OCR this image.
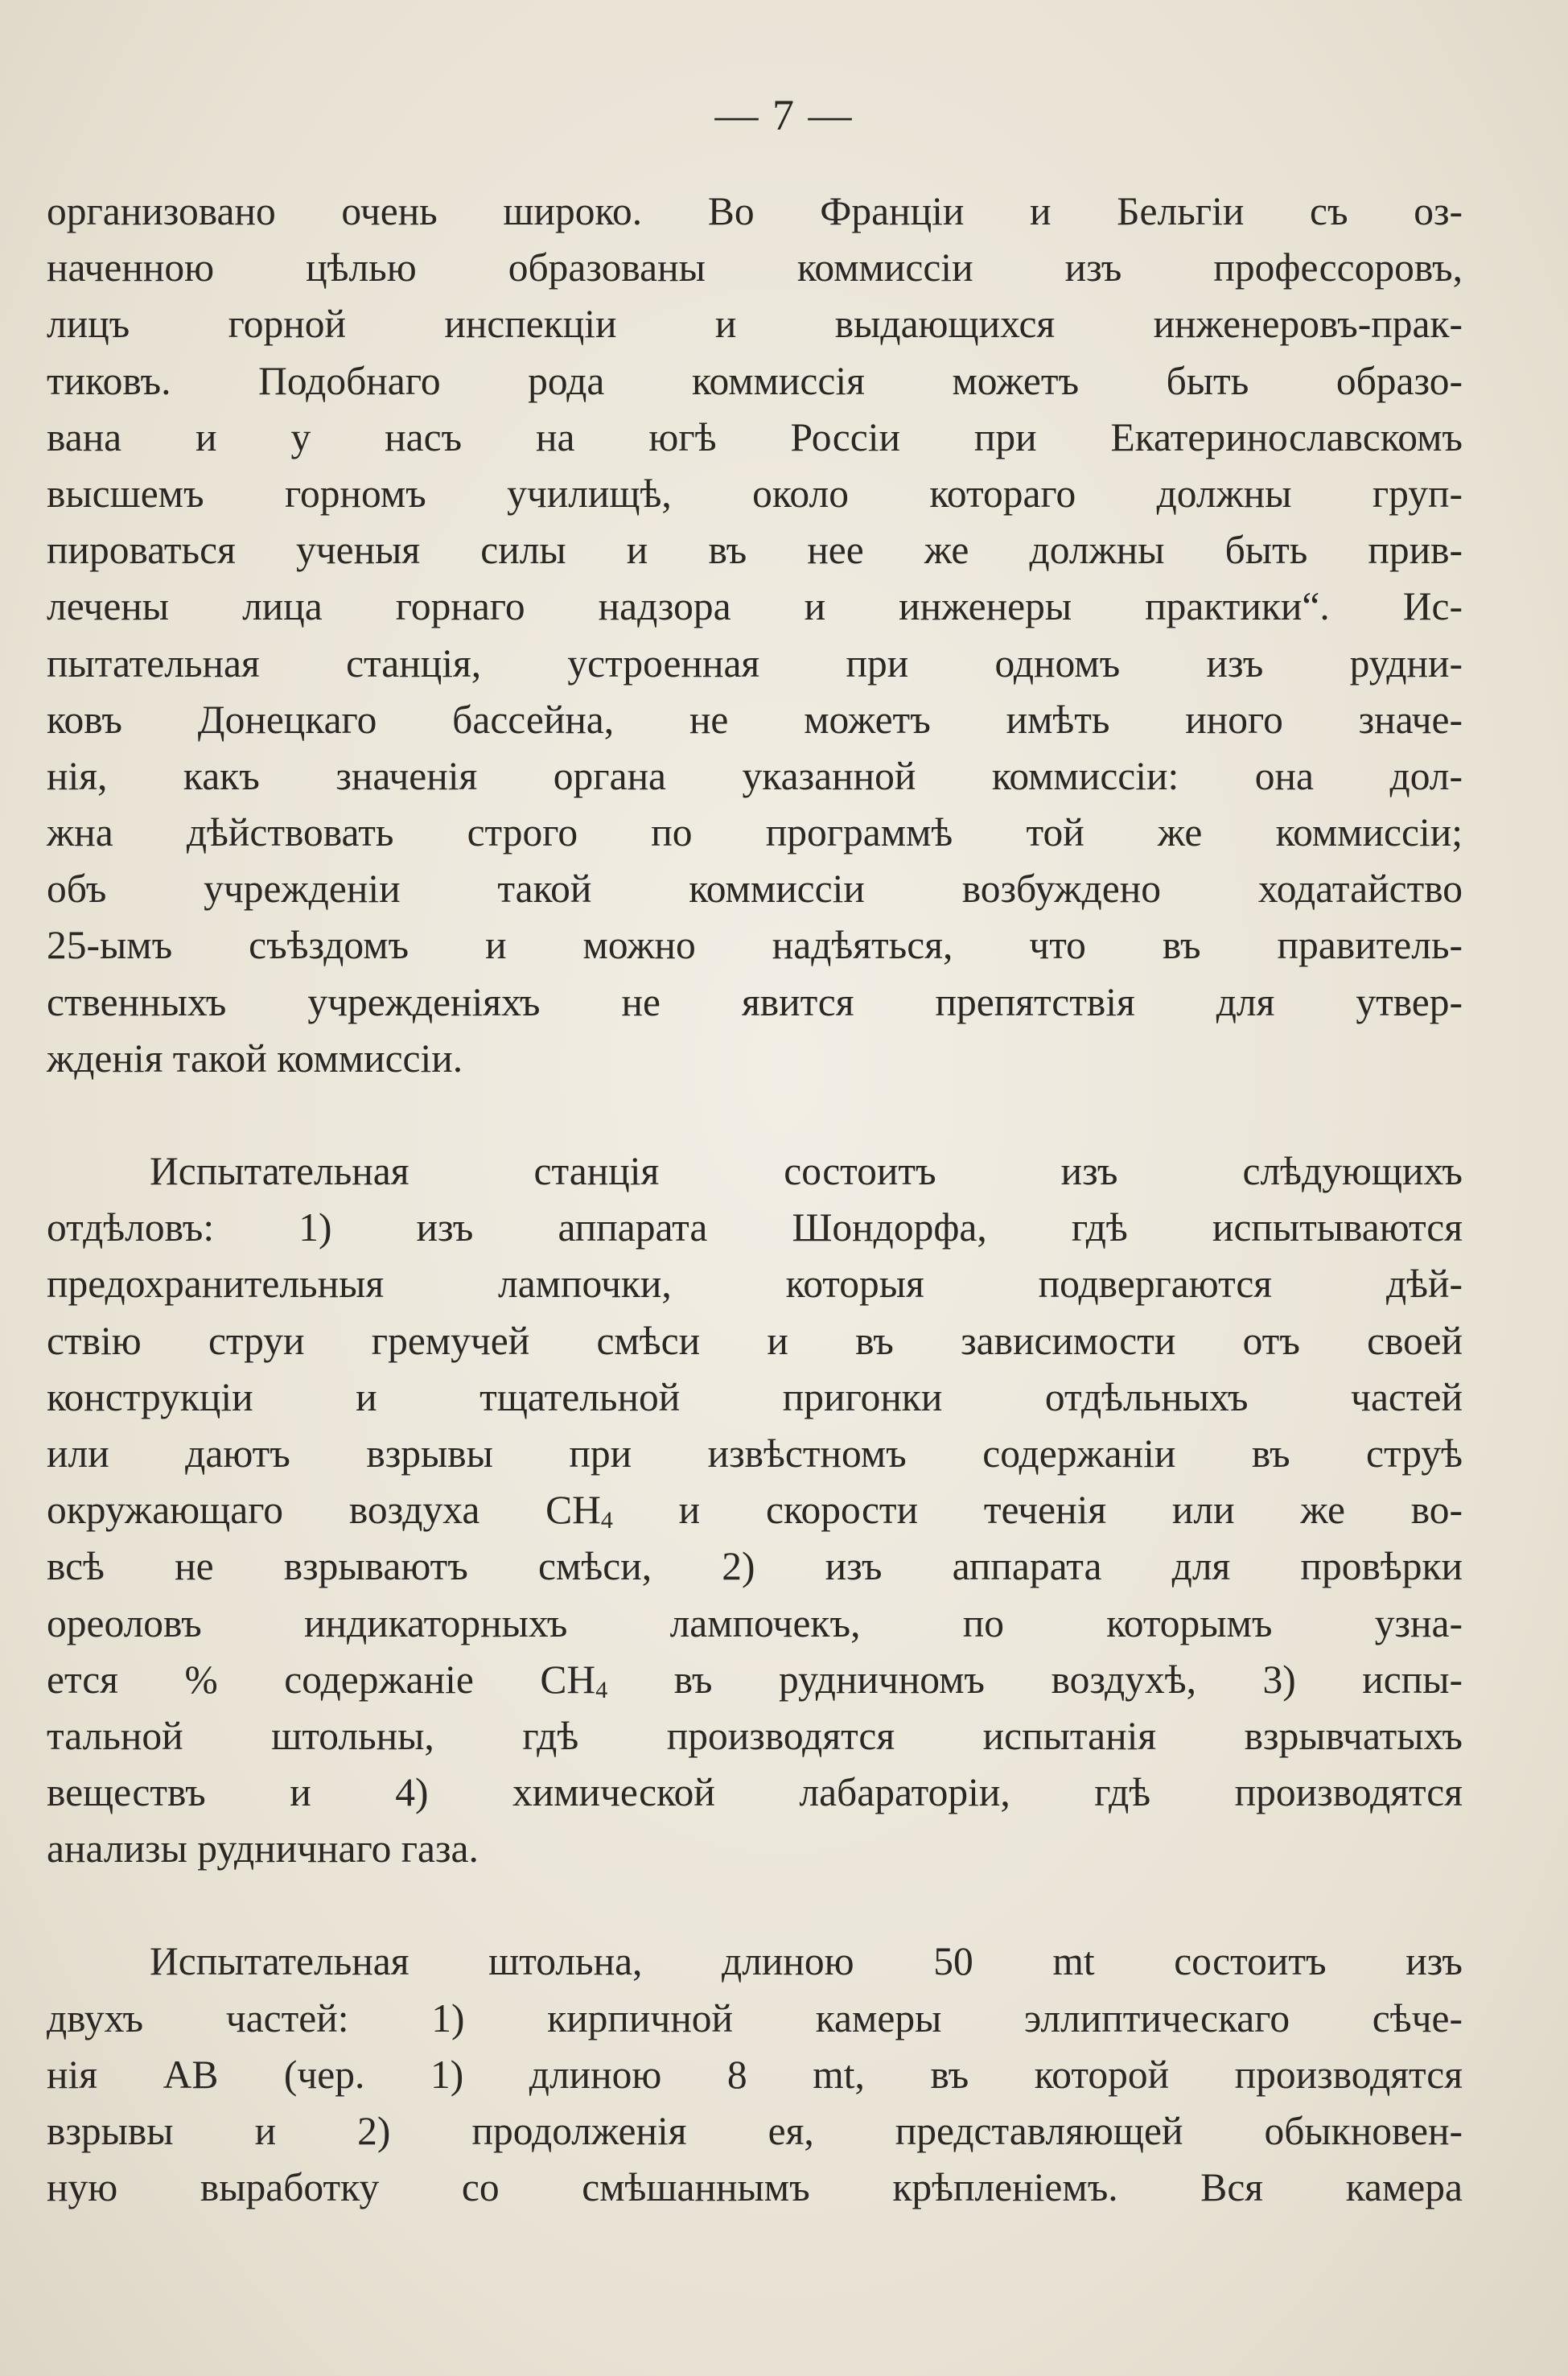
— 7 —
организовано очень широко. Во Франціи и Бельгіи съ оз-
наченною цѣлью образованы коммиссіи изъ профессоровъ,
лицъ горной инспекціи и выдающихся инженеровъ-прак-
тиковъ. Подобнаго рода коммиссія можетъ быть образо-
вана и у насъ на югѣ Россіи при Екатеринославскомъ
высшемъ горномъ училищѣ, около котораго должны груп-
пироваться ученыя силы и въ нее же должны быть прив-
лечены лица горнаго надзора и инженеры практики“. Ис-
пытательная станція, устроенная при одномъ изъ рудни-
ковъ Донецкаго бассейна, не можетъ имѣть иного значе-
нія, какъ значенія органа указанной коммиссіи: она дол-
жна дѣйствовать строго по программѣ той же коммиссіи;
объ учрежденіи такой коммиссіи возбуждено ходатайство
25-ымъ съѣздомъ и можно надѣяться, что въ правитель-
ственныхъ учрежденіяхъ не явится препятствія для утвер-
жденія такой коммиссіи.
Испытательная станція состоитъ изъ слѣдующихъ
отдѣловъ: 1) изъ аппарата Шондорфа, гдѣ испытываются
предохранительныя лампочки, которыя подвергаются дѣй-
ствію струи гремучей смѣси и въ зависимости отъ своей
конструкціи и тщательной пригонки отдѣльныхъ частей
или даютъ взрывы при извѣстномъ содержаніи въ струѣ
окружающаго воздуха $CH_4$ и скорости теченія или же во-
всѣ не взрываютъ смѣси, 2) изъ аппарата для провѣрки
ореоловъ индикаторныхъ лампочекъ, по которымъ узна-
ется % содержаніе $CH_4$ въ рудничномъ воздухѣ, 3) испы-
тальной штольны, гдѣ производятся испытанія взрывчатыхъ
веществъ и 4) химической лабараторіи, гдѣ производятся
анализы рудничнаго газа.
Испытательная штольна, длиною 50 mt состоитъ изъ
двухъ частей: 1) кирпичной камеры эллиптическаго сѣче-
нія AB (чер. 1) длиною 8 mt, въ которой производятся
взрывы и 2) продолженія ея, представляющей обыкновен-
ную выработку со смѣшаннымъ крѣпленіемъ. Вся камера
